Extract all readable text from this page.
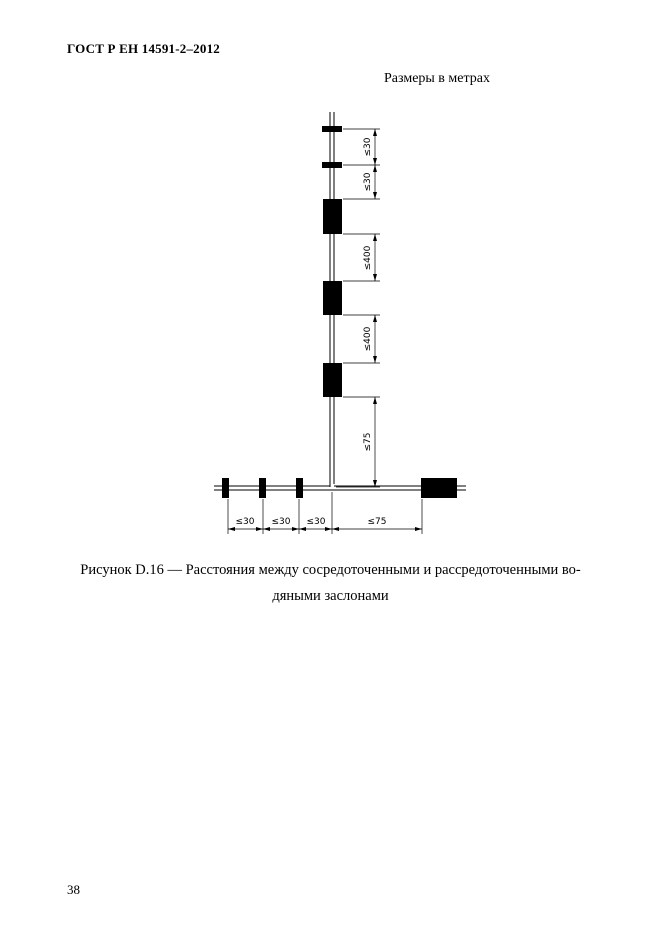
ГОСТ Р ЕН 14591-2–2012
Размеры в метрах
≤30
≤30
≤400
≤400
≤75
≤30 ≤30 ≤30	≤75
Рисунок D.16 — Расстояния между сосредоточенными и рассредоточенными во-
дяными заслонами
38
